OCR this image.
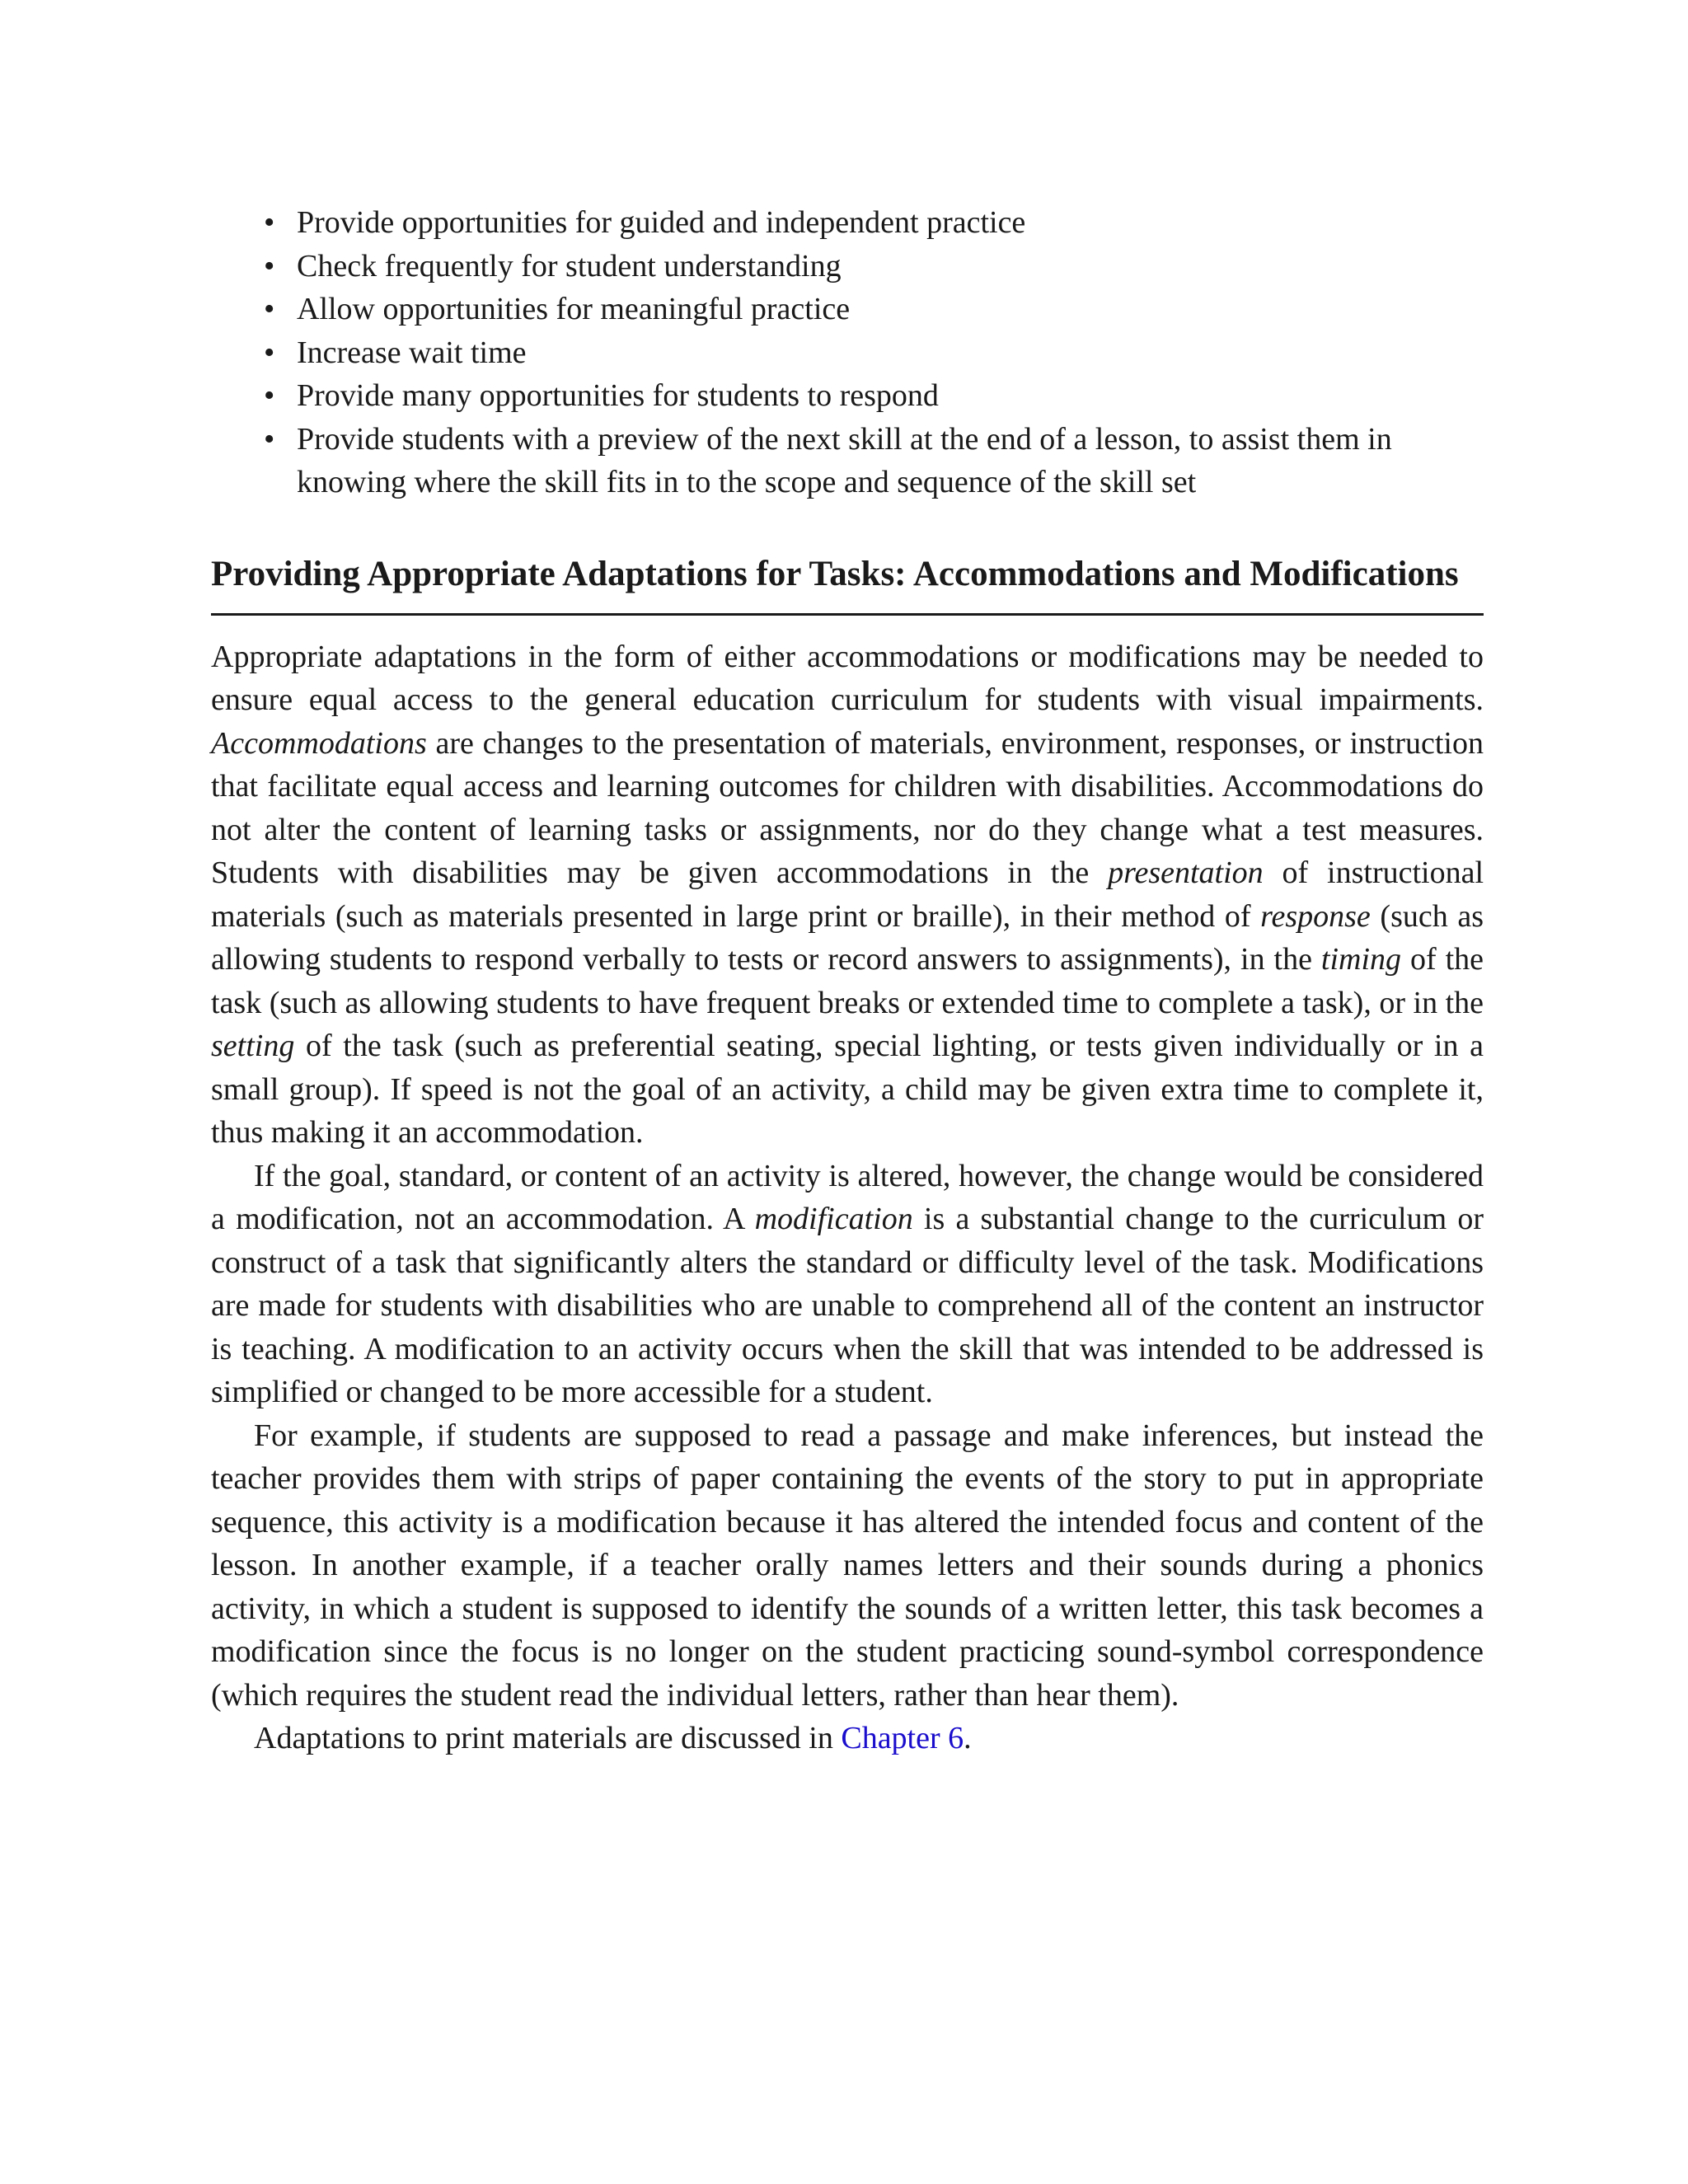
• Provide opportunities for guided and independent practice
• Check frequently for student understanding
• Allow opportunities for meaningful practice
• Increase wait time
• Provide many opportunities for students to respond
• Provide students with a preview of the next skill at the end of a lesson, to assist them in knowing where the skill fits in to the scope and sequence of the skill set
Providing Appropriate Adaptations for Tasks: Accommodations and Modifications

Appropriate adaptations in the form of either accommodations or modifications may be needed to ensure equal access to the general education curriculum for students with visual impairments. Accommodations are changes to the presentation of materials, environment, responses, or instruction that facilitate equal access and learning outcomes for children with disabilities. Accommodations do not alter the content of learning tasks or assignments, nor do they change what a test measures. Students with disabilities may be given accommodations in the presentation of instructional materials (such as materials presented in large print or braille), in their method of response (such as allowing students to respond verbally to tests or record answers to assignments), in the timing of the task (such as allowing students to have frequent breaks or extended time to complete a task), or in the setting of the task (such as preferential seating, special lighting, or tests given individually or in a small group). If speed is not the goal of an activity, a child may be given extra time to complete it, thus making it an accommodation.

If the goal, standard, or content of an activity is altered, however, the change would be considered a modification, not an accommodation. A modification is a substantial change to the curriculum or construct of a task that significantly alters the standard or difficulty level of the task. Modifications are made for students with disabilities who are unable to comprehend all of the content an instructor is teaching. A modification to an activity occurs when the skill that was intended to be addressed is simplified or changed to be more accessible for a student.

For example, if students are supposed to read a passage and make inferences, but instead the teacher provides them with strips of paper containing the events of the story to put in appropriate sequence, this activity is a modification because it has altered the intended focus and content of the lesson. In another example, if a teacher orally names letters and their sounds during a phonics activity, in which a student is supposed to identify the sounds of a written letter, this task becomes a modification since the focus is no longer on the student practicing sound-symbol correspondence (which requires the student read the individual letters, rather than hear them).

Adaptations to print materials are discussed in Chapter 6.
